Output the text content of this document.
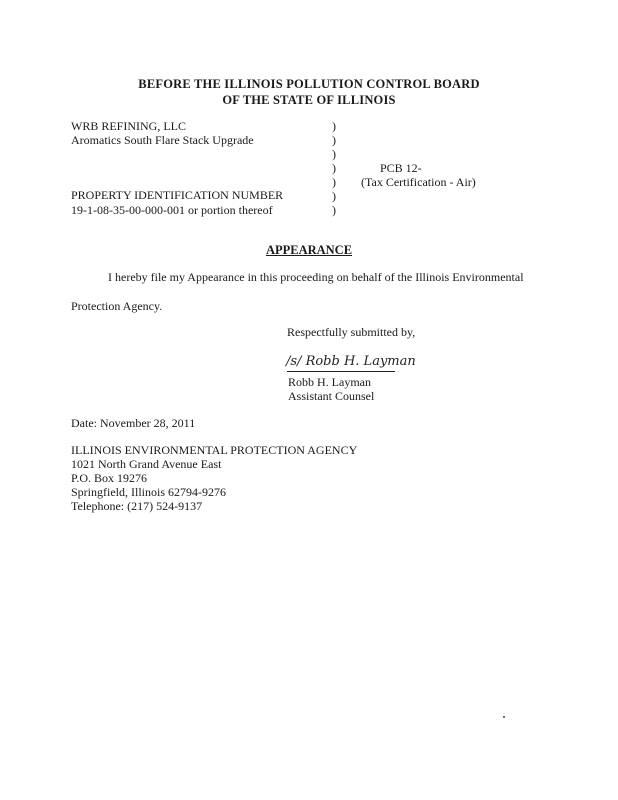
BEFORE THE ILLINOIS POLLUTION CONTROL BOARD
OF THE STATE OF ILLINOIS
WRB REFINING, LLC
Aromatics South Flare Stack Upgrade
PROPERTY IDENTIFICATION NUMBER
19-1-08-35-00-000-001 or portion thereof
)
)
)
)
)
)
)
PCB 12-
(Tax Certification - Air)
APPEARANCE
I hereby file my Appearance in this proceeding on behalf of the Illinois Environmental
Protection Agency.
Respectfully submitted by,
/s/ Robb H. Layman
Robb H. Layman
Assistant Counsel
Date: November 28, 2011
ILLINOIS ENVIRONMENTAL PROTECTION AGENCY
1021 North Grand Avenue East
P.O. Box 19276
Springfield, Illinois 62794-9276
Telephone: (217) 524-9137
